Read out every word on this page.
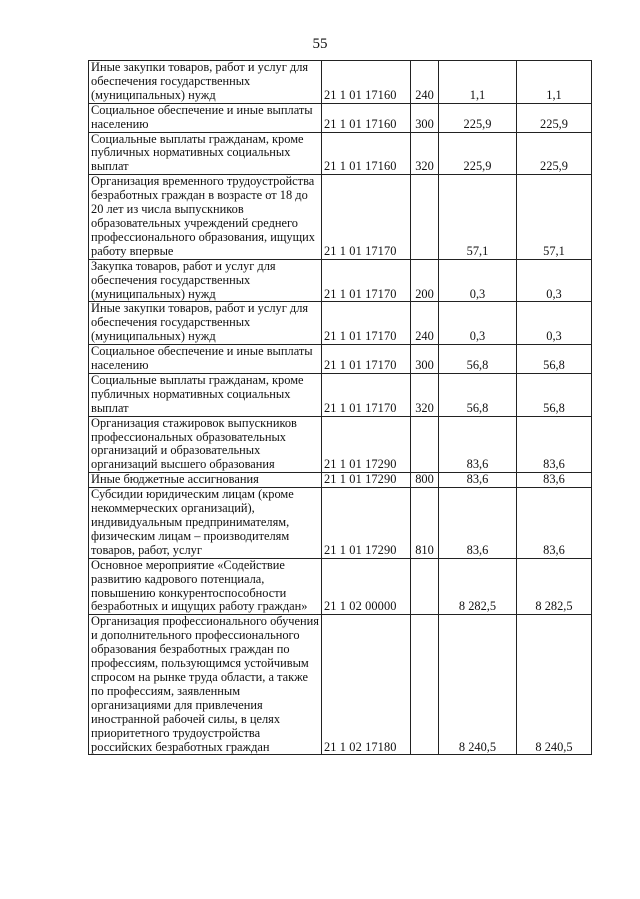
55
Иные закупки товаров, работ и услуг для обеспечения государственных (муниципальных) нужд	21 1 01 17160	240	1,1	1,1
Социальное обеспечение и иные выплаты населению	21 1 01 17160	300	225,9	225,9
Социальные выплаты гражданам, кроме публичных нормативных социальных выплат	21 1 01 17160	320	225,9	225,9
Организация временного трудоустройства безработных граждан в возрасте от 18 до 20 лет из числа выпускников образовательных учреждений среднего профессионального образования, ищущих работу впервые	21 1 01 17170		57,1	57,1
Закупка товаров, работ и услуг для обеспечения государственных (муниципальных) нужд	21 1 01 17170	200	0,3	0,3
Иные закупки товаров, работ и услуг для обеспечения государственных (муниципальных) нужд	21 1 01 17170	240	0,3	0,3
Социальное обеспечение и иные выплаты населению	21 1 01 17170	300	56,8	56,8
Социальные выплаты гражданам, кроме публичных нормативных социальных выплат	21 1 01 17170	320	56,8	56,8
Организация стажировок выпускников профессиональных образовательных организаций и образовательных организаций высшего образования	21 1 01 17290		83,6	83,6
Иные бюджетные ассигнования	21 1 01 17290	800	83,6	83,6
Субсидии юридическим лицам (кроме некоммерческих организаций), индивидуальным предпринимателям, физическим лицам – производителям товаров, работ, услуг	21 1 01 17290	810	83,6	83,6
Основное мероприятие «Содействие развитию кадрового потенциала, повышению конкурентоспособности безработных и ищущих работу граждан»	21 1 02 00000		8 282,5	8 282,5
Организация профессионального обучения и дополнительного профессионального образования безработных граждан по профессиям, пользующимся устойчивым спросом на рынке труда области, а также по профессиям, заявленным организациями для привлечения иностранной рабочей силы, в целях приоритетного трудоустройства российских безработных граждан	21 1 02 17180		8 240,5	8 240,5
